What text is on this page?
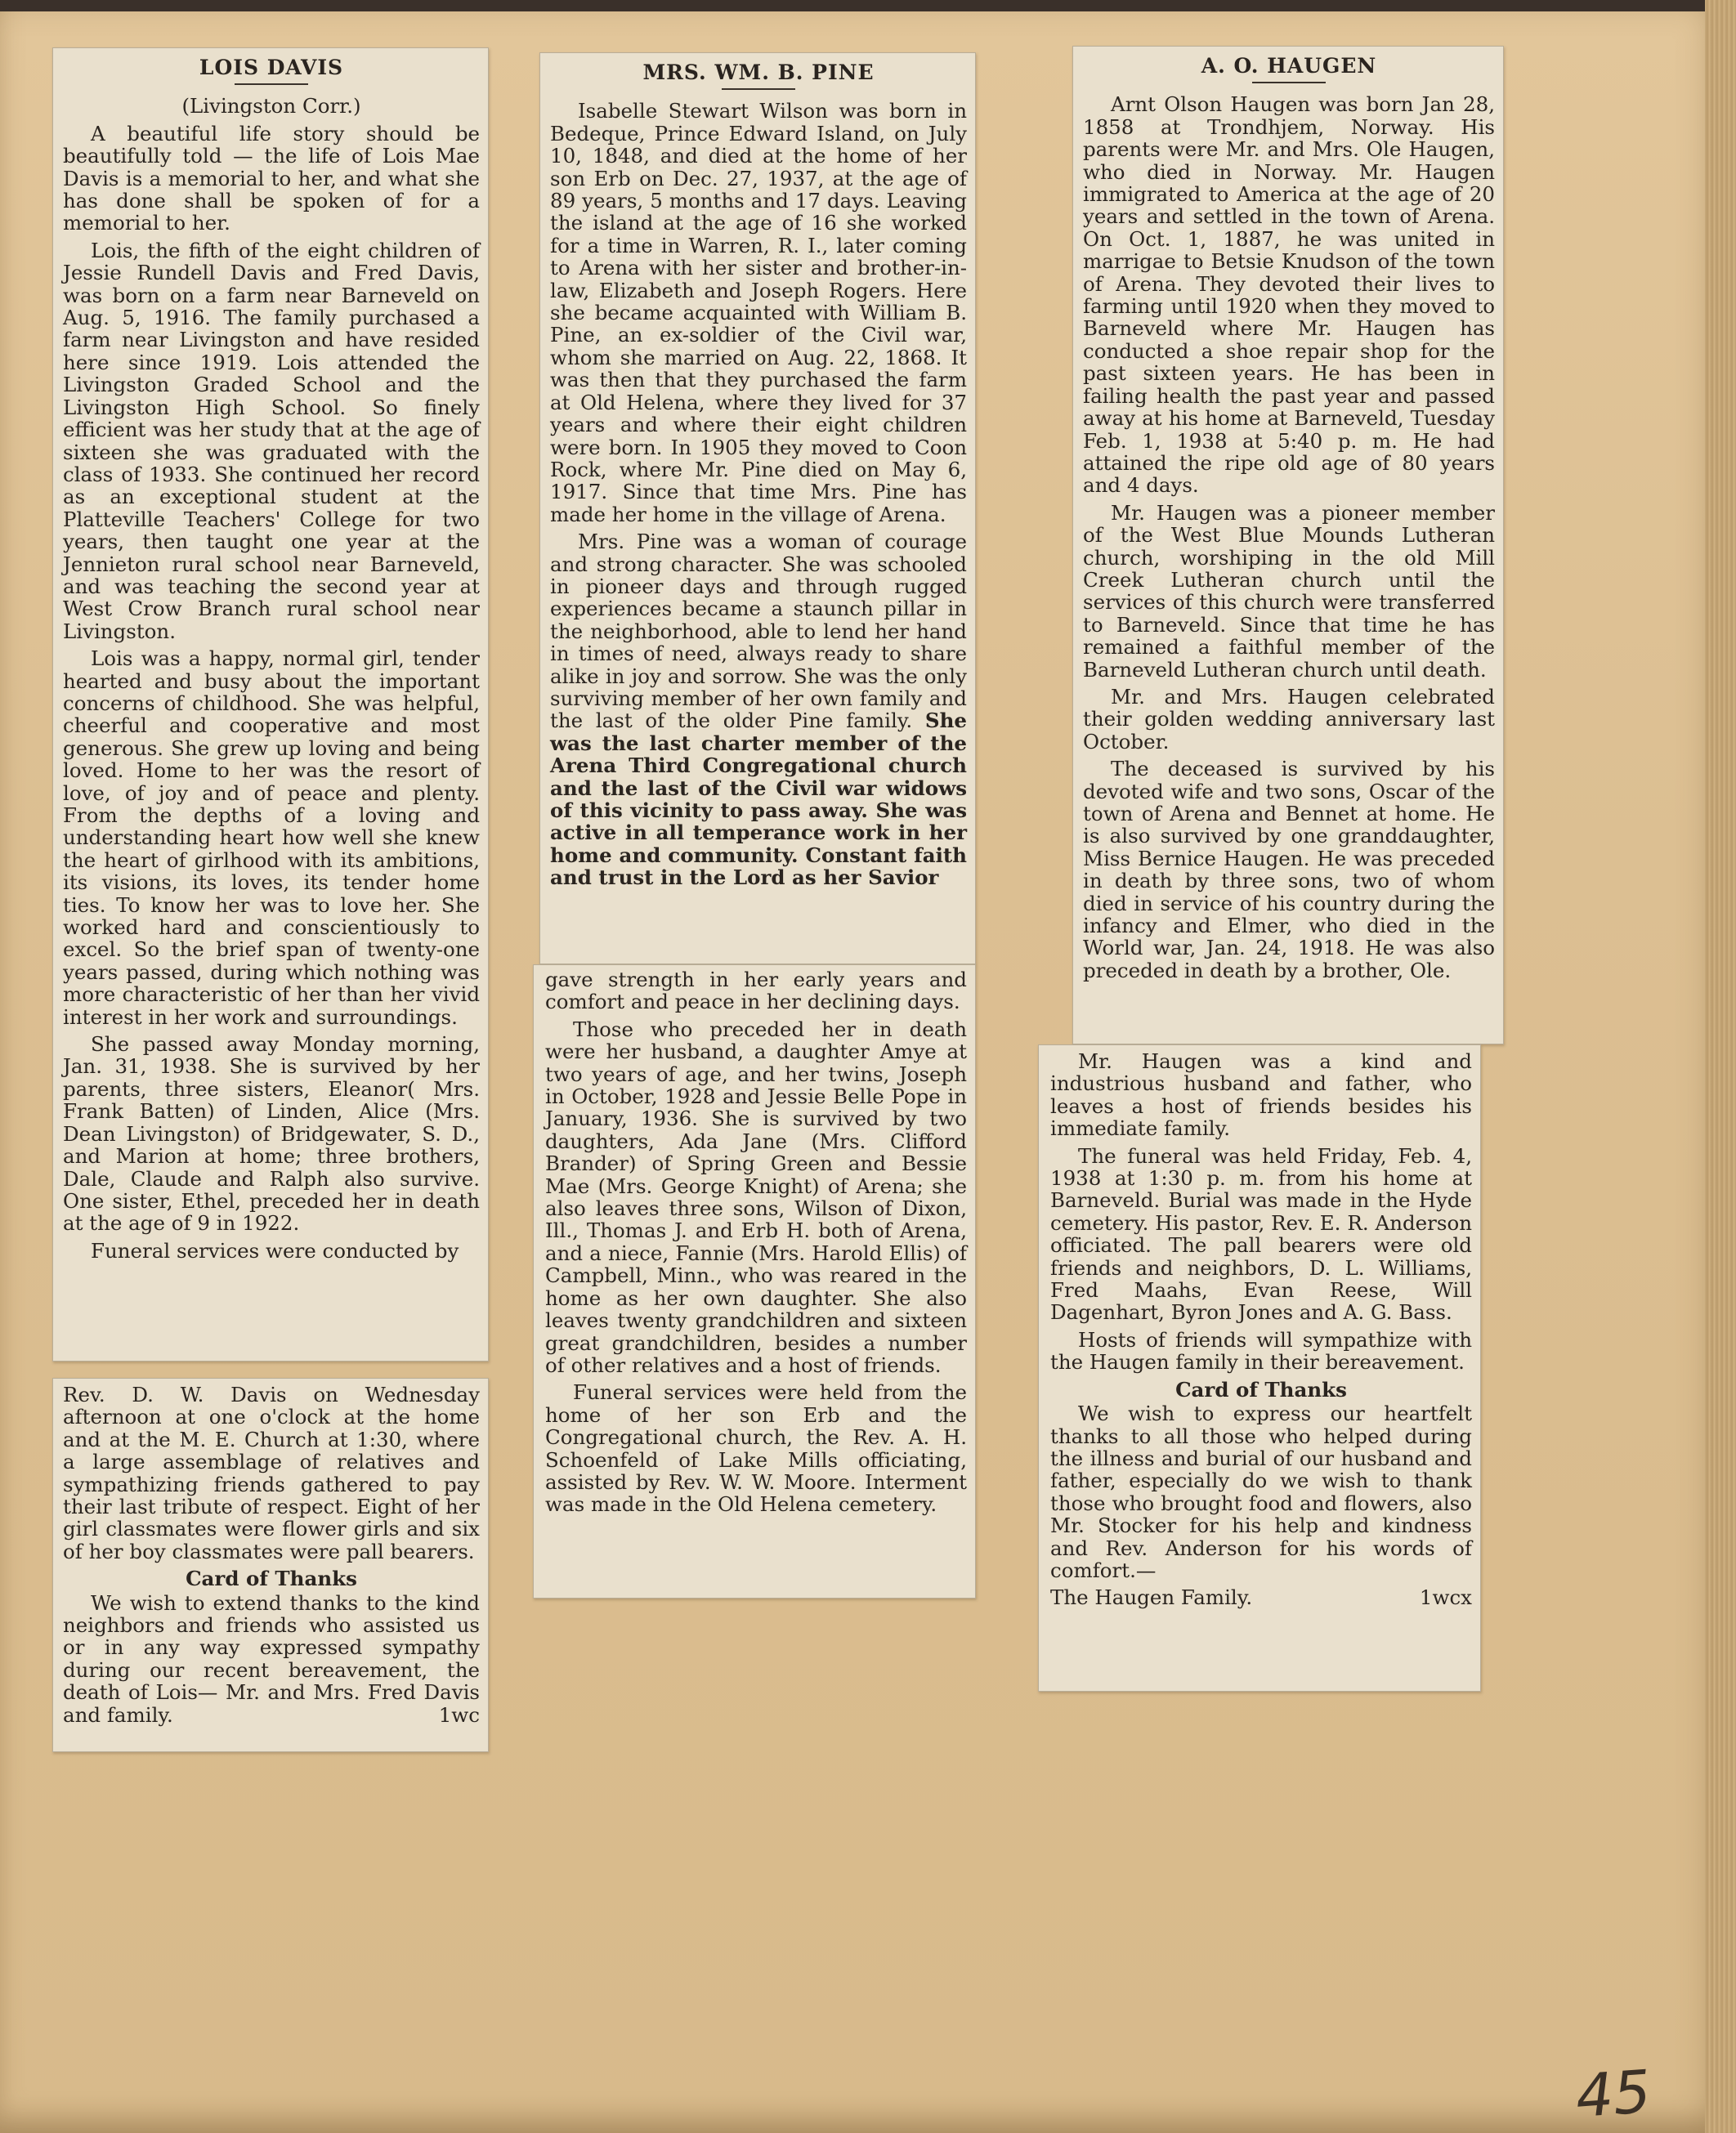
LOIS DAVIS

(Livingston Corr.)

A beautiful life story should be beautifully told — the life of Lois Mae Davis is a memorial to her, and what she has done shall be spoken of for a memorial to her.

Lois, the fifth of the eight children of Jessie Rundell Davis and Fred Davis, was born on a farm near Barneveld on Aug. 5, 1916. The family purchased a farm near Livingston and have resided here since 1919. Lois attended the Livingston Graded School and the Livingston High School. So finely efficient was her study that at the age of sixteen she was graduated with the class of 1933. She continued her record as an exceptional student at the Platteville Teachers' College for two years, then taught one year at the Jennieton rural school near Barneveld, and was teaching the second year at West Crow Branch rural school near Livingston.

Lois was a happy, normal girl, tender hearted and busy about the important concerns of childhood. She was helpful, cheerful and cooperative and most generous. She grew up loving and being loved. Home to her was the resort of love, of joy and of peace and plenty. From the depths of a loving and understanding heart how well she knew the heart of girlhood with its ambitions, its visions, its loves, its tender home ties. To know her was to love her. She worked hard and conscientiously to excel. So the brief span of twenty-one years passed, during which nothing was more characteristic of her than her vivid interest in her work and surroundings.

She passed away Monday morning, Jan. 31, 1938. She is survived by her parents, three sisters, Eleanor( Mrs. Frank Batten) of Linden, Alice (Mrs. Dean Livingston) of Bridgewater, S. D., and Marion at home; three brothers, Dale, Claude and Ralph also survive. One sister, Ethel, preceded her in death at the age of 9 in 1922.

Funeral services were conducted by

Rev. D. W. Davis on Wednesday afternoon at one o'clock at the home and at the M. E. Church at 1:30, where a large assemblage of relatives and sympathizing friends gathered to pay their last tribute of respect. Eight of her girl classmates were flower girls and six of her boy classmates were pall bearers.

Card of Thanks

We wish to extend thanks to the kind neighbors and friends who assisted us or in any way expressed sympathy during our recent bereavement, the death of Lois— Mr. and Mrs. Fred Davis and family.	1wc

MRS. WM. B. PINE

Isabelle Stewart Wilson was born in Bedeque, Prince Edward Island, on July 10, 1848, and died at the home of her son Erb on Dec. 27, 1937, at the age of 89 years, 5 months and 17 days. Leaving the island at the age of 16 she worked for a time in Warren, R. I., later coming to Arena with her sister and brother-in-law, Elizabeth and Joseph Rogers. Here she became acquainted with William B. Pine, an ex-soldier of the Civil war, whom she married on Aug. 22, 1868. It was then that they purchased the farm at Old Helena, where they lived for 37 years and where their eight children were born. In 1905 they moved to Coon Rock, where Mr. Pine died on May 6, 1917. Since that time Mrs. Pine has made her home in the village of Arena.

Mrs. Pine was a woman of courage and strong character. She was schooled in pioneer days and through rugged experiences became a staunch pillar in the neighborhood, able to lend her hand in times of need, always ready to share alike in joy and sorrow. She was the only surviving member of her own family and the last of the older Pine family. She was the last charter member of the Arena Third Congregational church and the last of the Civil war widows of this vicinity to pass away. She was active in all temperance work in her home and community. Constant faith and trust in the Lord as her Savior

gave strength in her early years and comfort and peace in her declining days.

Those who preceded her in death were her husband, a daughter Amye at two years of age, and her twins, Joseph in October, 1928 and Jessie Belle Pope in January, 1936. She is survived by two daughters, Ada Jane (Mrs. Clifford Brander) of Spring Green and Bessie Mae (Mrs. George Knight) of Arena; she also leaves three sons, Wilson of Dixon, Ill., Thomas J. and Erb H. both of Arena, and a niece, Fannie (Mrs. Harold Ellis) of Campbell, Minn., who was reared in the home as her own daughter. She also leaves twenty grandchildren and sixteen great grandchildren, besides a number of other relatives and a host of friends.

Funeral services were held from the home of her son Erb and the Congregational church, the Rev. A. H. Schoenfeld of Lake Mills officiating, assisted by Rev. W. W. Moore. Interment was made in the Old Helena cemetery.

A. O. HAUGEN

Arnt Olson Haugen was born Jan 28, 1858 at Trondhjem, Norway. His parents were Mr. and Mrs. Ole Haugen, who died in Norway. Mr. Haugen immigrated to America at the age of 20 years and settled in the town of Arena. On Oct. 1, 1887, he was united in marrigae to Betsie Knudson of the town of Arena. They devoted their lives to farming until 1920 when they moved to Barneveld where Mr. Haugen has conducted a shoe repair shop for the past sixteen years. He has been in failing health the past year and passed away at his home at Barneveld, Tuesday Feb. 1, 1938 at 5:40 p. m. He had attained the ripe old age of 80 years and 4 days.

Mr. Haugen was a pioneer member of the West Blue Mounds Lutheran church, worshiping in the old Mill Creek Lutheran church until the services of this church were transferred to Barneveld. Since that time he has remained a faithful member of the Barneveld Lutheran church until death.

Mr. and Mrs. Haugen celebrated their golden wedding anniversary last October.

The deceased is survived by his devoted wife and two sons, Oscar of the town of Arena and Bennet at home. He is also survived by one granddaughter, Miss Bernice Haugen. He was preceded in death by three sons, two of whom died in service of his country during the infancy and Elmer, who died in the World war, Jan. 24, 1918. He was also preceded in death by a brother, Ole.

Mr. Haugen was a kind and industrious husband and father, who leaves a host of friends besides his immediate family.

The funeral was held Friday, Feb. 4, 1938 at 1:30 p. m. from his home at Barneveld. Burial was made in the Hyde cemetery. His pastor, Rev. E. R. Anderson officiated. The pall bearers were old friends and neighbors, D. L. Williams, Fred Maahs, Evan Reese, Will Dagenhart, Byron Jones and A. G. Bass.

Hosts of friends will sympathize with the Haugen family in their bereavement.

Card of Thanks

We wish to express our heartfelt thanks to all those who helped during the illness and burial of our husband and father, especially do we wish to thank those who brought food and flowers, also Mr. Stocker for his help and kindness and Rev. Anderson for his words of comfort.—

The Haugen Family.	1wcx
45
